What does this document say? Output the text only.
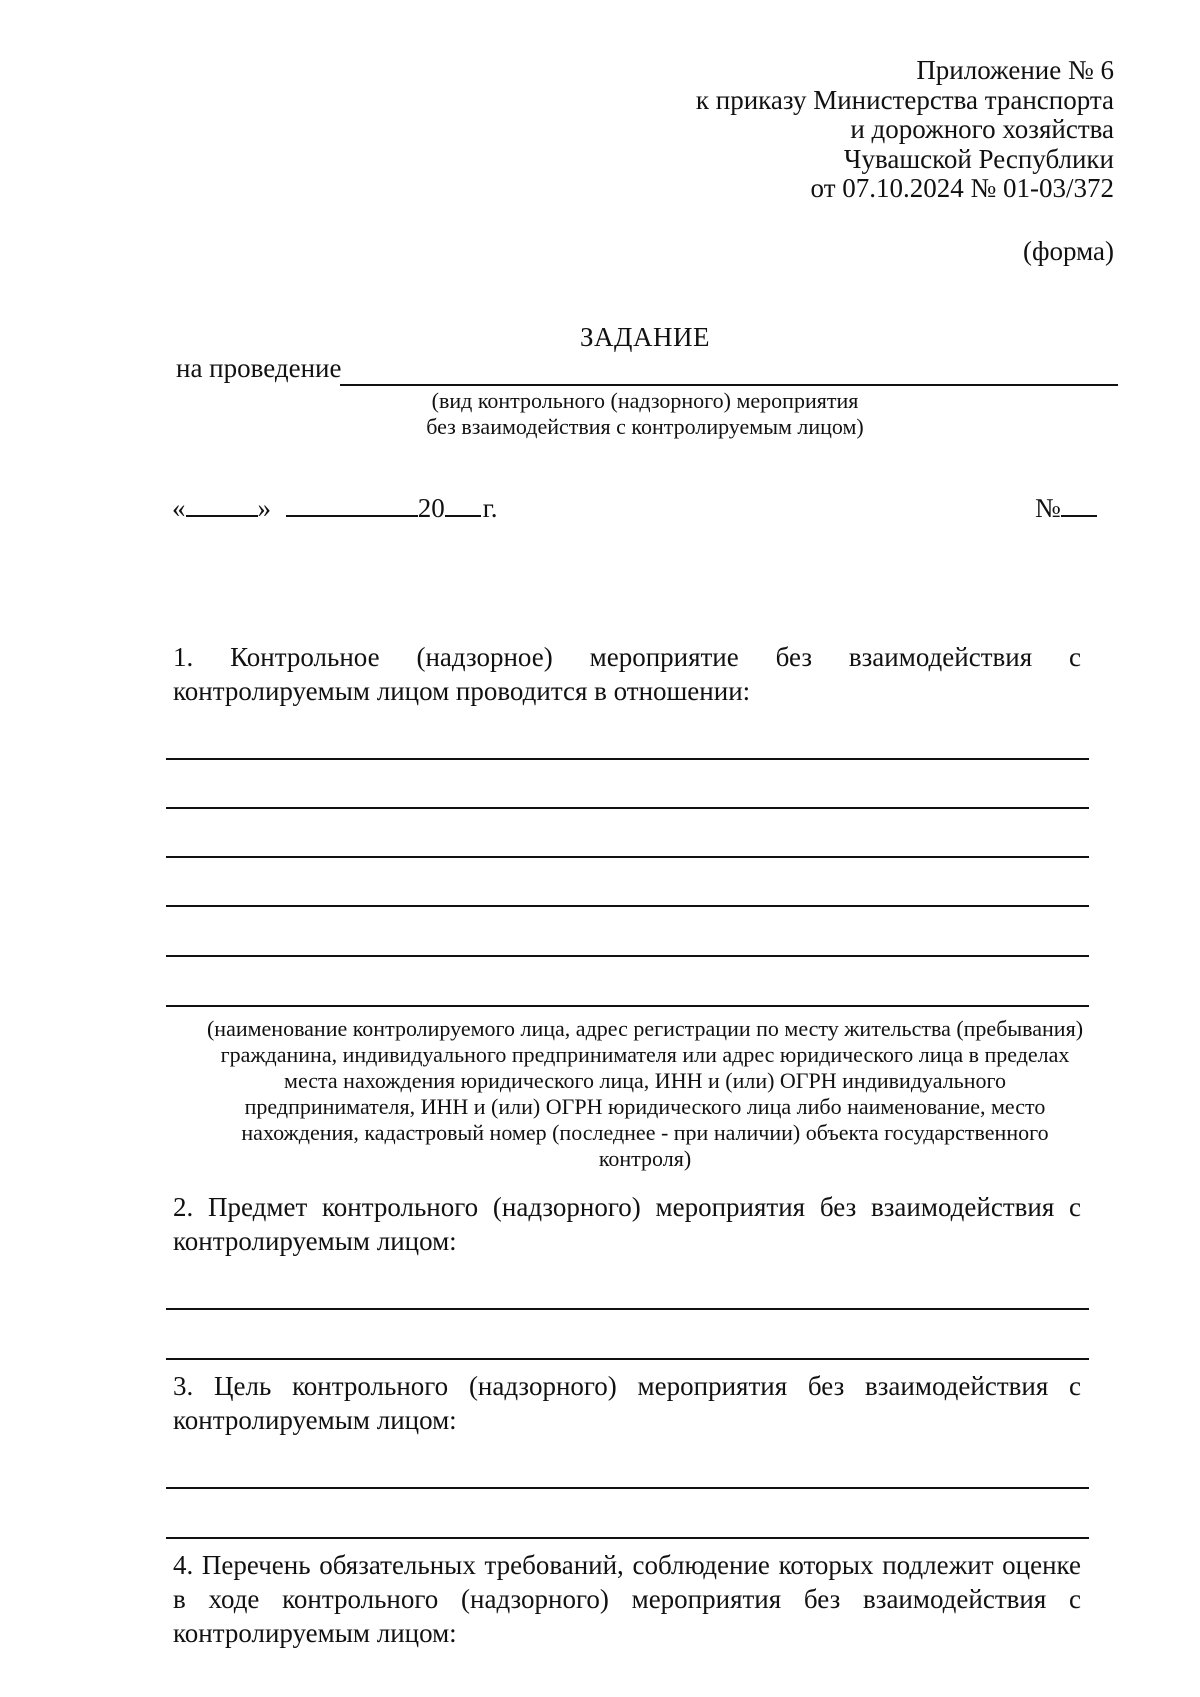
Приложение № 6
к приказу Министерства транспорта
и дорожного хозяйства
Чувашской Республики
от 07.10.2024 № 01-03/372
(форма)
ЗАДАНИЕ
на проведение
(вид контрольного (надзорного) мероприятия
без взаимодействия с контролируемым лицом)
«	»	20 г.	№
1. Контрольное (надзорное) мероприятие без взаимодействия с контролируемым лицом проводится в отношении:
(наименование контролируемого лица, адрес регистрации по месту жительства (пребывания)
гражданина, индивидуального предпринимателя или адрес юридического лица в пределах
места нахождения юридического лица, ИНН и (или) ОГРН индивидуального
предпринимателя, ИНН и (или) ОГРН юридического лица либо наименование, место
нахождения, кадастровый номер (последнее - при наличии) объекта государственного
контроля)
2. Предмет контрольного (надзорного) мероприятия без взаимодействия с контролируемым лицом:
3. Цель контрольного (надзорного) мероприятия без взаимодействия с контролируемым лицом:
4. Перечень обязательных требований, соблюдение которых подлежит оценке в ходе контрольного (надзорного) мероприятия без взаимодействия с контролируемым лицом:
